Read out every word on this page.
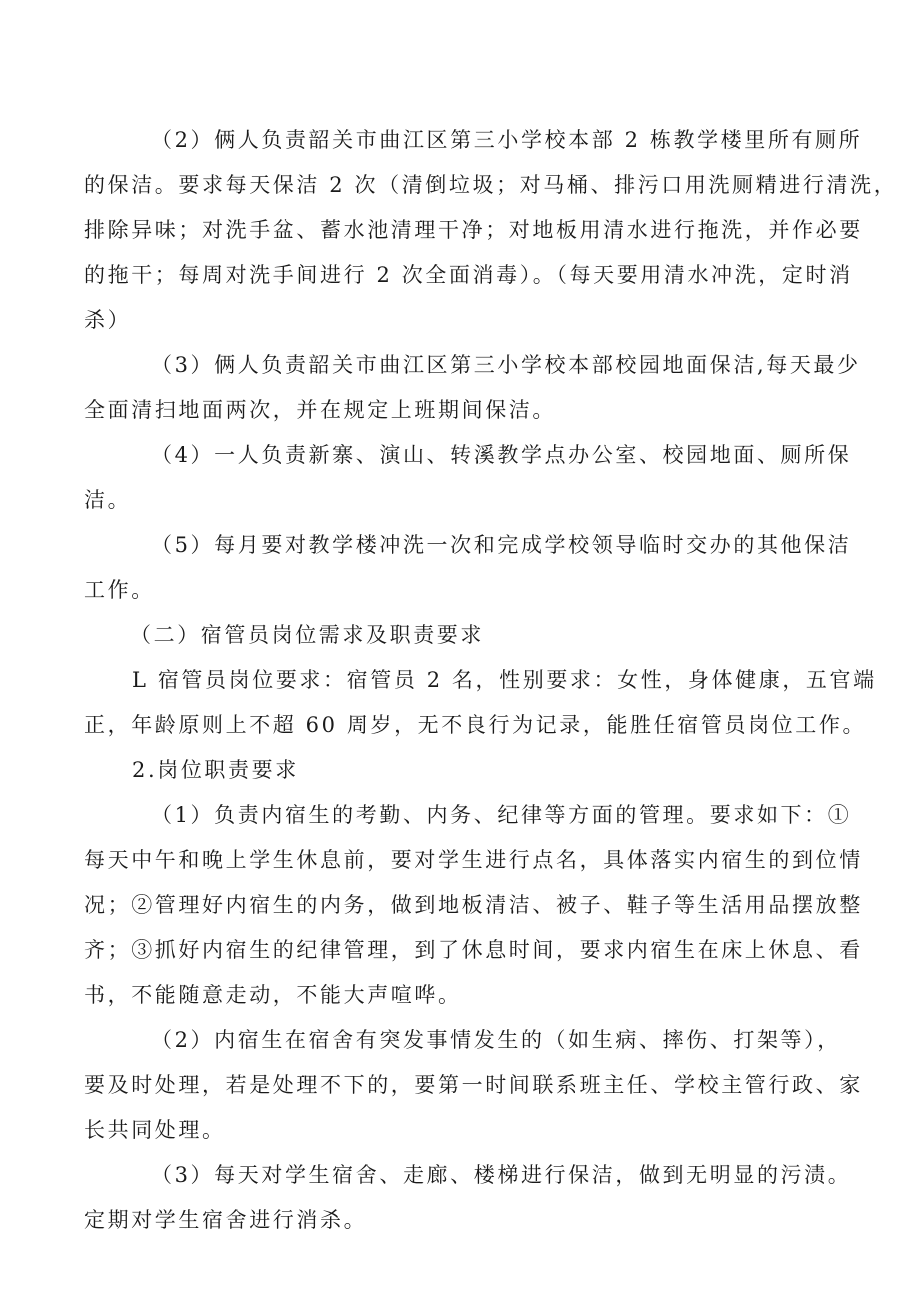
（2）俩人负责韶关市曲江区第三小学校本部 2 栋教学楼里所有厕所
的保洁。要求每天保洁 2 次（清倒垃圾；对马桶、排污口用洗厕精进行清洗，
排除异味；对洗手盆、蓄水池清理干净；对地板用清水进行拖洗，并作必要
的拖干；每周对洗手间进行 2 次全面消毒）。（每天要用清水冲洗，定时消
杀）
（3）俩人负责韶关市曲江区第三小学校本部校园地面保洁,每天最少
全面清扫地面两次，并在规定上班期间保洁。
（4）一人负责新寨、演山、转溪教学点办公室、校园地面、厕所保
洁。
（5）每月要对教学楼冲洗一次和完成学校领导临时交办的其他保洁
工作。
（二）宿管员岗位需求及职责要求
L 宿管员岗位要求：宿管员 2 名，性别要求：女性，身体健康，五官端
正，年龄原则上不超 60 周岁，无不良行为记录，能胜任宿管员岗位工作。
2.岗位职责要求
（1）负责内宿生的考勤、内务、纪律等方面的管理。要求如下：①
每天中午和晚上学生休息前，要对学生进行点名，具体落实内宿生的到位情
况；②管理好内宿生的内务，做到地板清洁、被子、鞋子等生活用品摆放整
齐；③抓好内宿生的纪律管理，到了休息时间，要求内宿生在床上休息、看
书，不能随意走动，不能大声喧哗。
（2）内宿生在宿舍有突发事情发生的（如生病、摔伤、打架等），
要及时处理，若是处理不下的，要第一时间联系班主任、学校主管行政、家
长共同处理。
（3）每天对学生宿舍、走廊、楼梯进行保洁，做到无明显的污渍。
定期对学生宿舍进行消杀。
